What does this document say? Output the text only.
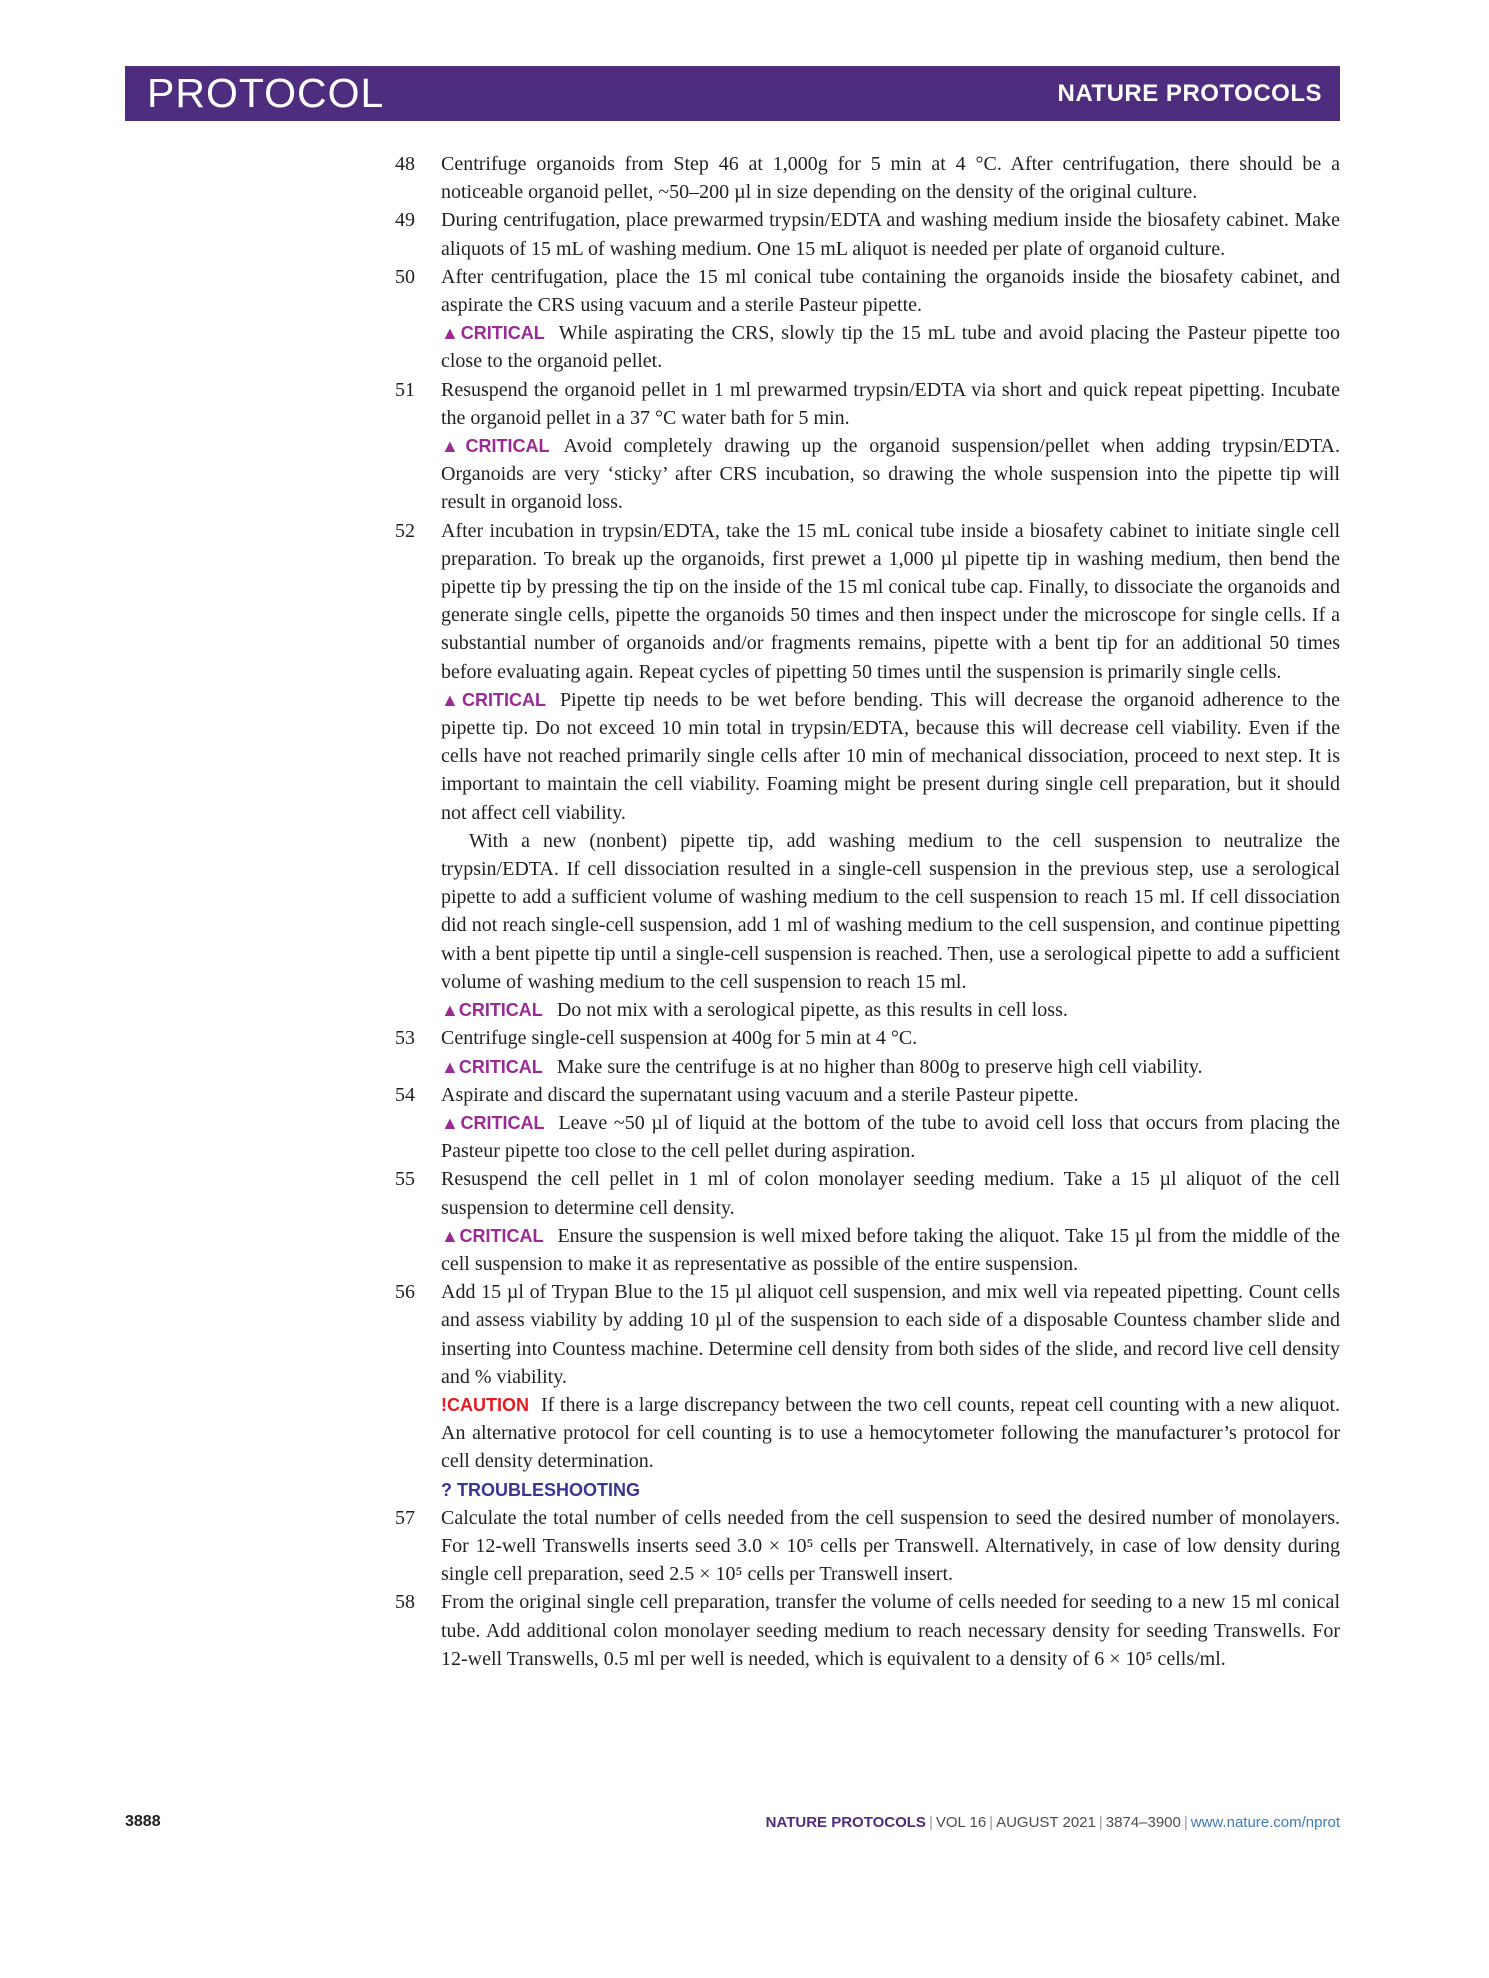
PROTOCOL	NATURE PROTOCOLS
48 Centrifuge organoids from Step 46 at 1,000g for 5 min at 4 °C. After centrifugation, there should be a noticeable organoid pellet, ~50–200 µl in size depending on the density of the original culture.

49 During centrifugation, place prewarmed trypsin/EDTA and washing medium inside the biosafety cabinet. Make aliquots of 15 mL of washing medium. One 15 mL aliquot is needed per plate of organoid culture.

50 After centrifugation, place the 15 ml conical tube containing the organoids inside the biosafety cabinet, and aspirate the CRS using vacuum and a sterile Pasteur pipette.

▲CRITICAL While aspirating the CRS, slowly tip the 15 mL tube and avoid placing the Pasteur pipette too close to the organoid pellet.

51 Resuspend the organoid pellet in 1 ml prewarmed trypsin/EDTA via short and quick repeat pipetting. Incubate the organoid pellet in a 37 °C water bath for 5 min.

▲CRITICAL Avoid completely drawing up the organoid suspension/pellet when adding trypsin/EDTA. Organoids are very ‘sticky’ after CRS incubation, so drawing the whole suspension into the pipette tip will result in organoid loss.

52 After incubation in trypsin/EDTA, take the 15 mL conical tube inside a biosafety cabinet to initiate single cell preparation. To break up the organoids, first prewet a 1,000 µl pipette tip in washing medium, then bend the pipette tip by pressing the tip on the inside of the 15 ml conical tube cap. Finally, to dissociate the organoids and generate single cells, pipette the organoids 50 times and then inspect under the microscope for single cells. If a substantial number of organoids and/or fragments remains, pipette with a bent tip for an additional 50 times before evaluating again. Repeat cycles of pipetting 50 times until the suspension is primarily single cells.

▲CRITICAL Pipette tip needs to be wet before bending. This will decrease the organoid adherence to the pipette tip. Do not exceed 10 min total in trypsin/EDTA, because this will decrease cell viability. Even if the cells have not reached primarily single cells after 10 min of mechanical dissociation, proceed to next step. It is important to maintain the cell viability. Foaming might be present during single cell preparation, but it should not affect cell viability.

With a new (nonbent) pipette tip, add washing medium to the cell suspension to neutralize the trypsin/EDTA. If cell dissociation resulted in a single-cell suspension in the previous step, use a serological pipette to add a sufficient volume of washing medium to the cell suspension to reach 15 ml. If cell dissociation did not reach single-cell suspension, add 1 ml of washing medium to the cell suspension, and continue pipetting with a bent pipette tip until a single-cell suspension is reached. Then, use a serological pipette to add a sufficient volume of washing medium to the cell suspension to reach 15 ml.

▲CRITICAL Do not mix with a serological pipette, as this results in cell loss.

53 Centrifuge single-cell suspension at 400g for 5 min at 4 °C.

▲CRITICAL Make sure the centrifuge is at no higher than 800g to preserve high cell viability.

54 Aspirate and discard the supernatant using vacuum and a sterile Pasteur pipette.

▲CRITICAL Leave ~50 µl of liquid at the bottom of the tube to avoid cell loss that occurs from placing the Pasteur pipette too close to the cell pellet during aspiration.

55 Resuspend the cell pellet in 1 ml of colon monolayer seeding medium. Take a 15 µl aliquot of the cell suspension to determine cell density.

▲CRITICAL Ensure the suspension is well mixed before taking the aliquot. Take 15 µl from the middle of the cell suspension to make it as representative as possible of the entire suspension.

56 Add 15 µl of Trypan Blue to the 15 µl aliquot cell suspension, and mix well via repeated pipetting. Count cells and assess viability by adding 10 µl of the suspension to each side of a disposable Countess chamber slide and inserting into Countess machine. Determine cell density from both sides of the slide, and record live cell density and % viability.

!CAUTION If there is a large discrepancy between the two cell counts, repeat cell counting with a new aliquot. An alternative protocol for cell counting is to use a hemocytometer following the manufacturer’s protocol for cell density determination.

? TROUBLESHOOTING

57 Calculate the total number of cells needed from the cell suspension to seed the desired number of monolayers. For 12-well Transwells inserts seed 3.0 × 10⁵ cells per Transwell. Alternatively, in case of low density during single cell preparation, seed 2.5 × 10⁵ cells per Transwell insert.

58 From the original single cell preparation, transfer the volume of cells needed for seeding to a new 15 ml conical tube. Add additional colon monolayer seeding medium to reach necessary density for seeding Transwells. For 12-well Transwells, 0.5 ml per well is needed, which is equivalent to a density of 6 × 10⁵ cells/ml.

3888	NATURE PROTOCOLS | VOL 16 | AUGUST 2021 | 3874–3900 | www.nature.com/nprot
